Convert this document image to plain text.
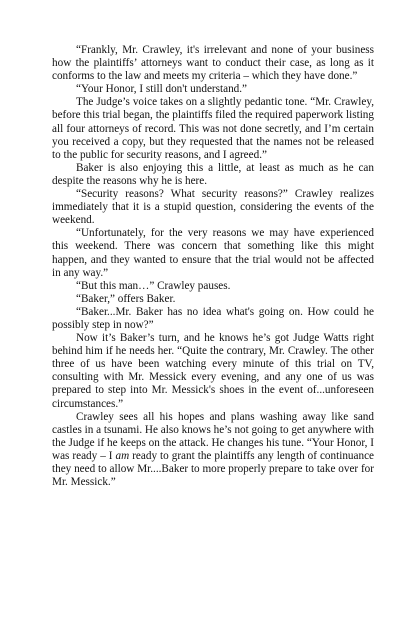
“Frankly, Mr. Crawley, it's irrelevant and none of your business how the plaintiffs’ attorneys want to conduct their case, as long as it conforms to the law and meets my criteria – which they have done.”

“Your Honor, I still don't understand.”

The Judge’s voice takes on a slightly pedantic tone. “Mr. Crawley, before this trial began, the plaintiffs filed the required paperwork listing all four attorneys of record. This was not done secretly, and I’m certain you received a copy, but they requested that the names not be released to the public for security reasons, and I agreed.”

Baker is also enjoying this a little, at least as much as he can despite the reasons why he is here.

“Security reasons? What security reasons?” Crawley realizes immediately that it is a stupid question, considering the events of the weekend.

“Unfortunately, for the very reasons we may have experienced this weekend. There was concern that something like this might happen, and they wanted to ensure that the trial would not be affected in any way.”

“But this man…” Crawley pauses.

“Baker,” offers Baker.

“Baker...Mr. Baker has no idea what's going on. How could he possibly step in now?”

Now it’s Baker’s turn, and he knows he’s got Judge Watts right behind him if he needs her. “Quite the contrary, Mr. Crawley. The other three of us have been watching every minute of this trial on TV, consulting with Mr. Messick every evening, and any one of us was prepared to step into Mr. Messick's shoes in the event of...unforeseen circumstances.”

Crawley sees all his hopes and plans washing away like sand castles in a tsunami. He also knows he’s not going to get anywhere with the Judge if he keeps on the attack. He changes his tune. “Your Honor, I was ready – I am ready to grant the plaintiffs any length of continuance they need to allow Mr....Baker to more properly prepare to take over for Mr. Messick.”
